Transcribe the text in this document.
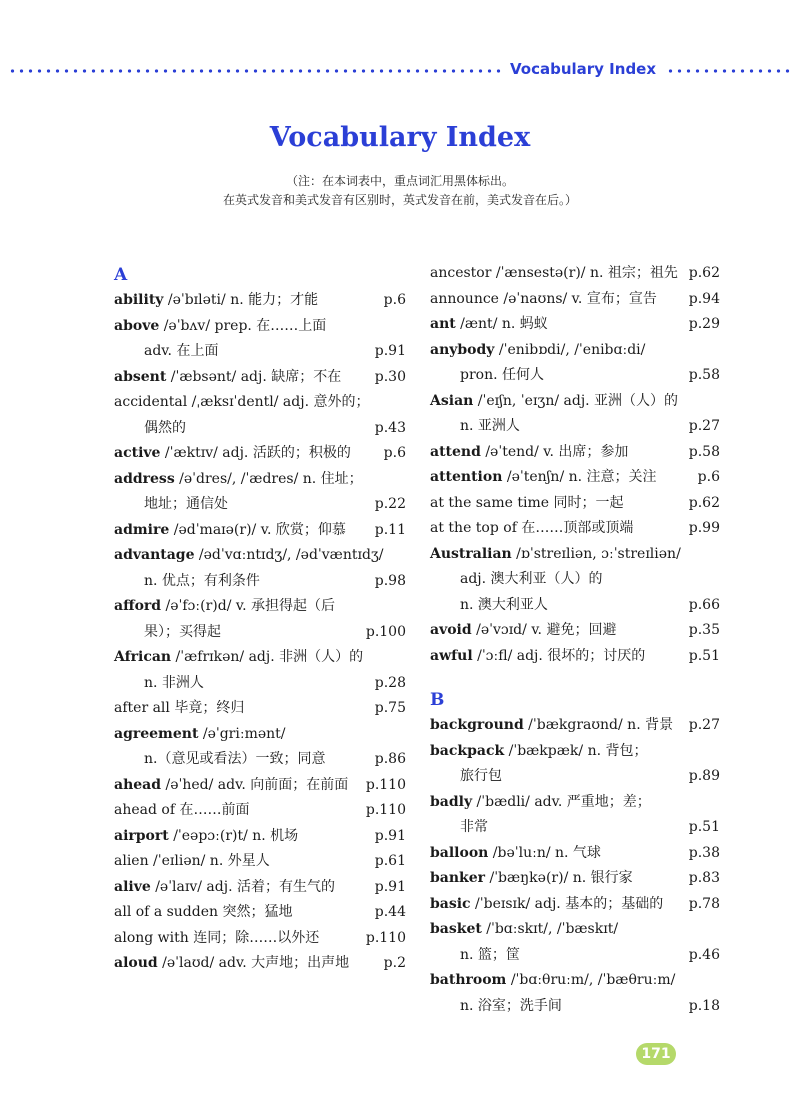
Vocabulary Index
Vocabulary Index
（注：在本词表中，重点词汇用黑体标出。
在英式发音和美式发音有区别时，英式发音在前，美式发音在后。）
A
ability /əˈbɪləti/ n. 能力；才能	p.6
above /əˈbʌv/ prep. 在……上面
adv. 在上面	p.91
absent /ˈæbsənt/ adj. 缺席；不在 p.30
accidental /ˌæksɪˈdentl/ adj. 意外的；
偶然的	p.43
active /ˈæktɪv/ adj. 活跃的；积极的 p.6
address /əˈdres/, /ˈædres/ n. 住址；
地址；通信处	p.22
admire /ədˈmaɪə(r)/ v. 欣赏；仰慕 p.11
advantage /ədˈvɑːntɪdʒ/, /ədˈvæntɪdʒ/
n. 优点；有利条件	p.98
afford /əˈfɔː(r)d/ v. 承担得起（后
果）；买得起	p.100
African /ˈæfrɪkən/ adj. 非洲（人）的
n. 非洲人	p.28
after all 毕竟；终归	p.75
agreement /əˈgriːmənt/
n.（意见或看法）一致；同意	p.86
ahead /əˈhed/ adv. 向前面；在前面 p.110
ahead of 在……前面	p.110
airport /ˈeəpɔː(r)t/ n. 机场	p.91
alien /ˈeɪliən/ n. 外星人	p.61
alive /əˈlaɪv/ adj. 活着；有生气的	p.91
all of a sudden 突然；猛地	p.44
along with 连同；除……以外还	p.110
aloud /əˈlaʊd/ adv. 大声地；出声地 p.2
ancestor /ˈænsestə(r)/ n. 祖宗；祖先 p.62
announce /əˈnaʊns/ v. 宣布；宣告 p.94
ant /ænt/ n. 蚂蚁	p.29
anybody /ˈenibɒdi/, /ˈenibɑːdi/
pron. 任何人	p.58
Asian /ˈeɪʃn, ˈeɪʒn/ adj. 亚洲（人）的
n. 亚洲人	p.27
attend /əˈtend/ v. 出席；参加	p.58
attention /əˈtenʃn/ n. 注意；关注	p.6
at the same time 同时；一起	p.62
at the top of 在……顶部或顶端	p.99
Australian /ɒˈstreɪliən, ɔːˈstreɪliən/
adj. 澳大利亚（人）的
n. 澳大利亚人	p.66
avoid /əˈvɔɪd/ v. 避免；回避	p.35
awful /ˈɔːfl/ adj. 很坏的；讨厌的	p.51
B
background /ˈbækgraʊnd/ n. 背景 p.27
backpack /ˈbækpæk/ n. 背包；
旅行包	p.89
badly /ˈbædli/ adv. 严重地；差；
非常	p.51
balloon /bəˈluːn/ n. 气球	p.38
banker /ˈbæŋkə(r)/ n. 银行家	p.83
basic /ˈbeɪsɪk/ adj. 基本的；基础的 p.78
basket /ˈbɑːskɪt/, /ˈbæskɪt/
n. 篮；筐	p.46
bathroom /ˈbɑːθruːm/, /ˈbæθruːm/
n. 浴室；洗手间	p.18
171
